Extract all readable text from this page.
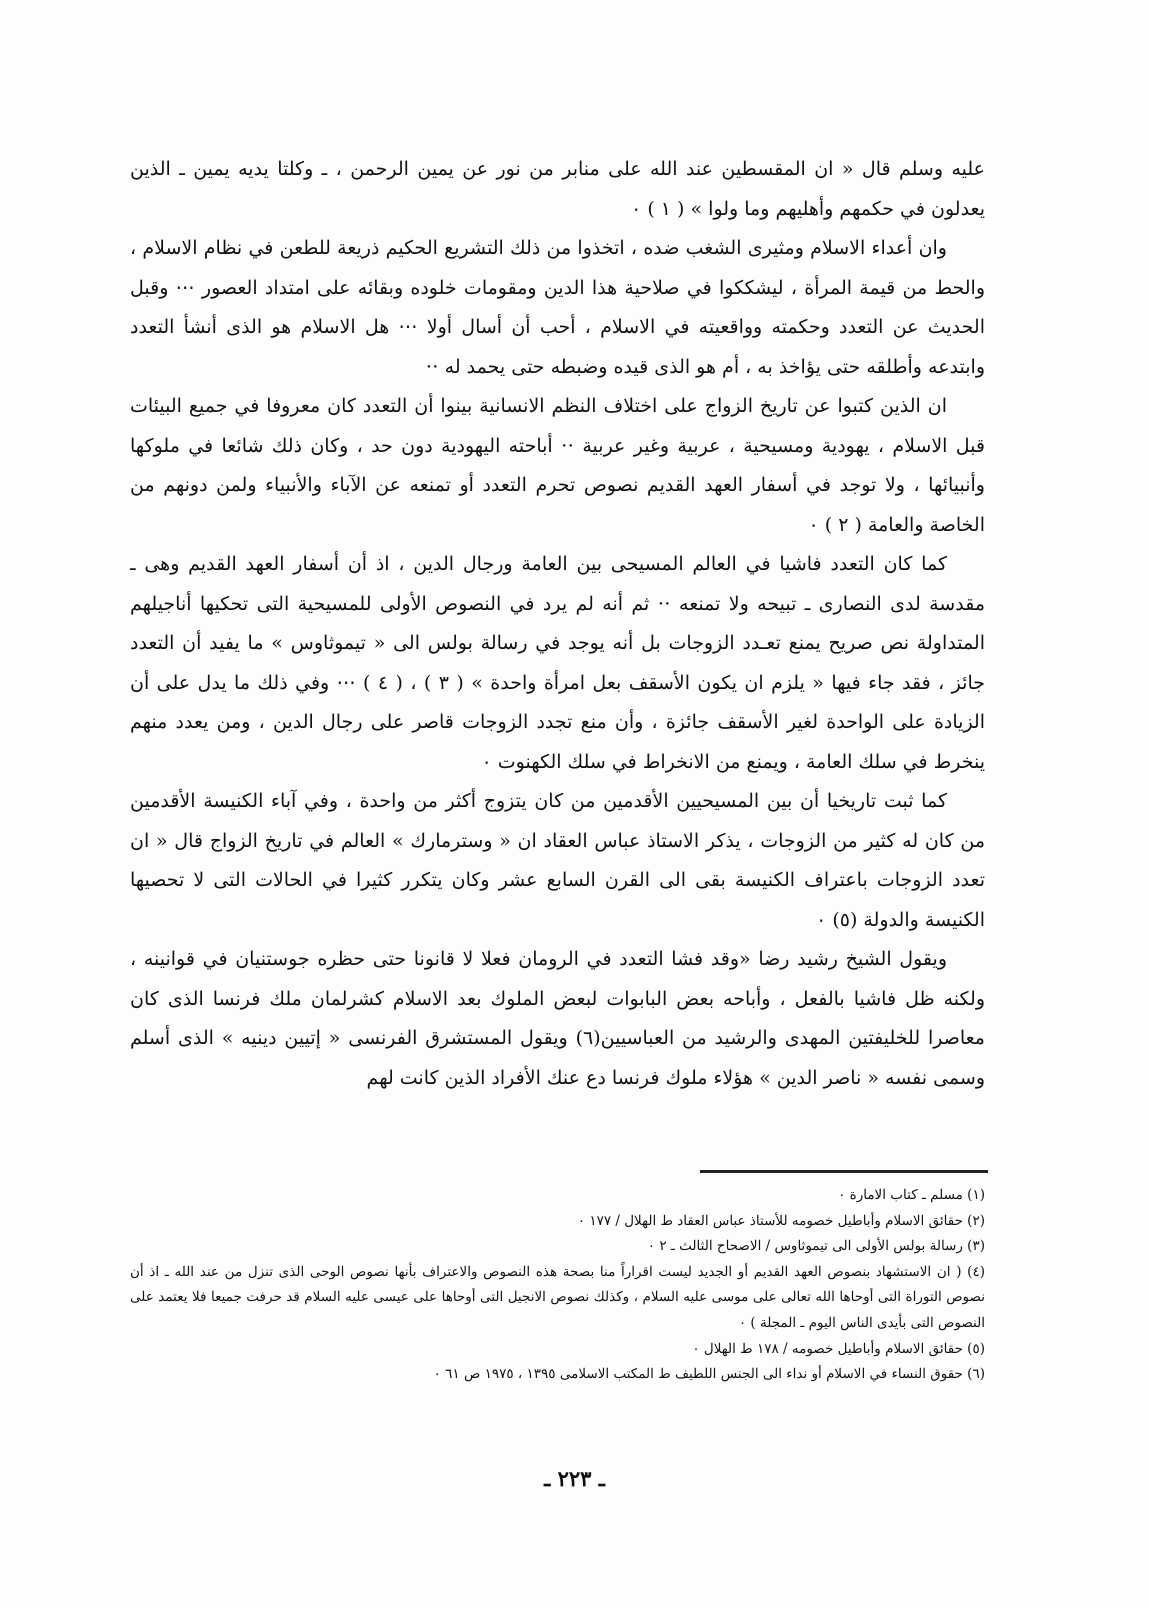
عليه وسلم قال « ان المقسطين عند الله على منابر من نور عن يمين الرحمن ، ـ وكلتا يديه يمين ـ الذين يعدلون في حكمهم وأهليهم وما ولوا » ( ١ ) ٠

وان أعداء الاسلام ومثيرى الشغب ضده ، اتخذوا من ذلك التشريع الحكيم ذريعة للطعن في نظام الاسلام ، والحط من قيمة المرأة ، ليشككوا في صلاحية هذا الدين ومقومات خلوده وبقائه على امتداد العصور ⋯ وقبل الحديث عن التعدد وحكمته وواقعيته في الاسلام ، أحب أن أسال أولا ⋯ هل الاسلام هو الذى أنشأ التعدد وابتدعه وأطلقه حتى يؤاخذ به ، أم هو الذى قيده وضبطه حتى يحمد له ⋅⋅

ان الذين كتبوا عن تاريخ الزواج على اختلاف النظم الانسانية بينوا أن التعدد كان معروفا في جميع البيئات قبل الاسلام ، يهودية ومسيحية ، عربية وغير عربية ⋅⋅ أباحته اليهودية دون حد ، وكان ذلك شائعا في ملوكها وأنبيائها ، ولا توجد في أسفار العهد القديم نصوص تحرم التعدد أو تمنعه عن الآباء والأنبياء ولمن دونهم من الخاصة والعامة ( ٢ ) ٠

كما كان التعدد فاشيا في العالم المسيحى بين العامة ورجال الدين ، اذ أن أسفار العهد القديم وهى ـ مقدسة لدى النصارى ـ تبيحه ولا تمنعه ⋅⋅ ثم أنه لم يرد في النصوص الأولى للمسيحية التى تحكيها أناجيلهم المتداولة نص صريح يمنع تعـدد الزوجات بل أنه يوجد في رسالة بولس الى « تيموثاوس » ما يفيد أن التعدد جائز ، فقد جاء فيها « يلزم ان يكون الأسقف بعل امرأة واحدة » ( ٣ ) ، ( ٤ ) ⋯ وفي ذلك ما يدل على أن الزيادة على الواحدة لغير الأسقف جائزة ، وأن منع تجدد الزوجات قاصر على رجال الدين ، ومن يعدد منهم ينخرط في سلك العامة ، ويمنع من الانخراط في سلك الكهنوت ٠

كما ثبت تاريخيا أن بين المسيحيين الأقدمين من كان يتزوج أكثر من واحدة ، وفي آباء الكنيسة الأقدمين من كان له كثير من الزوجات ، يذكر الاستاذ عباس العقاد ان « وسترمارك » العالم في تاريخ الزواج قال « ان تعدد الزوجات باعتراف الكنيسة بقى الى القرن السابع عشر وكان يتكرر كثيرا في الحالات التى لا تحصيها الكنيسة والدولة (٥) ٠

ويقول الشيخ رشيد رضا «وقد فشا التعدد في الرومان فعلا لا قانونا حتى حظره جوستنيان في قوانينه ، ولكنه ظل فاشيا بالفعل ، وأباحه بعض البابوات لبعض الملوك بعد الاسلام كشرلمان ملك فرنسا الذى كان معاصرا للخليفتين المهدى والرشيد من العباسيين(٦) ويقول المستشرق الفرنسى « إتيين دينيه » الذى أسلم وسمى نفسه « ناصر الدين » هؤلاء ملوك فرنسا دع عنك الأفراد الذين كانت لهم

(١) مسلم ـ كتاب الامارة ٠

(٢) حقائق الاسلام وأباطيل خصومه للأستاذ عباس العقاد ط الهلال / ١٧٧ ٠

(٣) رسالة بولس الأولى الى تيموثاوس / الاصحاح الثالث ـ ٢ ٠

(٤) ( ان الاستشهاد بنصوص العهد القديم أو الجديد ليست اقراراً منا بصحة هذه النصوص والاعتراف بأنها نصوص الوحى الذى تنزل من عند الله ـ اذ أن نصوص التوراة التى أوحاها الله تعالى على موسى عليه السلام ، وكذلك نصوص الانجيل التى أوحاها على عيسى عليه السلام قد حرفت جميعا فلا يعتمد على النصوص التى بأيدى الناس اليوم ـ المجلة ) ٠

(٥) حقائق الاسلام وأباطيل خصومه / ١٧٨ ط الهلال ٠

(٦) حقوق النساء في الاسلام أو نداء الى الجنس اللطيف ط المكتب الاسلامى ١٣٩٥ ، ١٩٧٥ ص ٦١ ٠

ـ ٢٢٣ ـ
